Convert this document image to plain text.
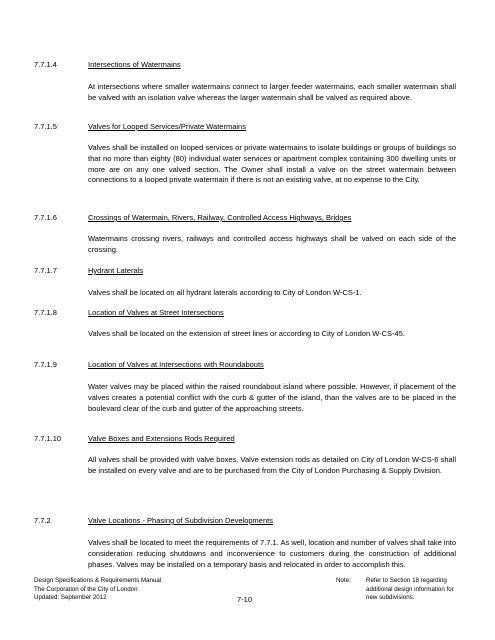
7.7.1.4	Intersections of Watermains
At intersections where smaller watermains connect to larger feeder watermains, each smaller watermain shall be valved with an isolation valve whereas the larger watermain shall be valved as required above.
7.7.1.5	Valves for Looped Services/Private Watermains
Valves shall be installed on looped services or private watermains to isolate buildings or groups of buildings so that no more than eighty (80) individual water services or apartment complex containing 300 dwelling units or more are on any one valved section. The Owner shall install a valve on the street watermain between connections to a looped private watermain if there is not an existing valve, at no expense to the City.
7.7.1.6	Crossings of Watermain, Rivers, Railway, Controlled Access Highways, Bridges
Watermains crossing rivers, railways and controlled access highways shall be valved on each side of the crossing.
7.7.1.7	Hydrant Laterals
Valves shall be located on all hydrant laterals according to City of London W-CS-1.
7.7.1.8	Location of Valves at Street Intersections
Valves shall be located on the extension of street lines or according to City of London W-CS-45.
7.7.1.9	Location of Valves at Intersections with Roundabouts
Water valves may be placed within the raised roundabout island where possible. However, if placement of the valves creates a potential conflict with the curb & gutter of the island, than the valves are to be placed in the boulevard clear of the curb and gutter of the approaching streets.
7.7.1.10	Valve Boxes and Extensions Rods Required
All valves shall be provided with valve boxes. Valve extension rods as detailed on City of London W-CS-6 shall be installed on every valve and are to be purchased from the City of London Purchasing & Supply Division.
7.7.2	Valve Locations - Phasing of Subdivision Developments
Valves shall be located to meet the requirements of 7.7.1. As well, location and number of valves shall take into consideration reducing shutdowns and inconvenience to customers during the construction of additional phases. Valves may be installed on a temporary basis and relocated in order to accomplish this.
Design Specifications & Requirements Manual
The Corporation of the City of London
Updated: September 2012	7-10
Note: Refer to Section 18 regarding
additional design information for
new subdivisions.
